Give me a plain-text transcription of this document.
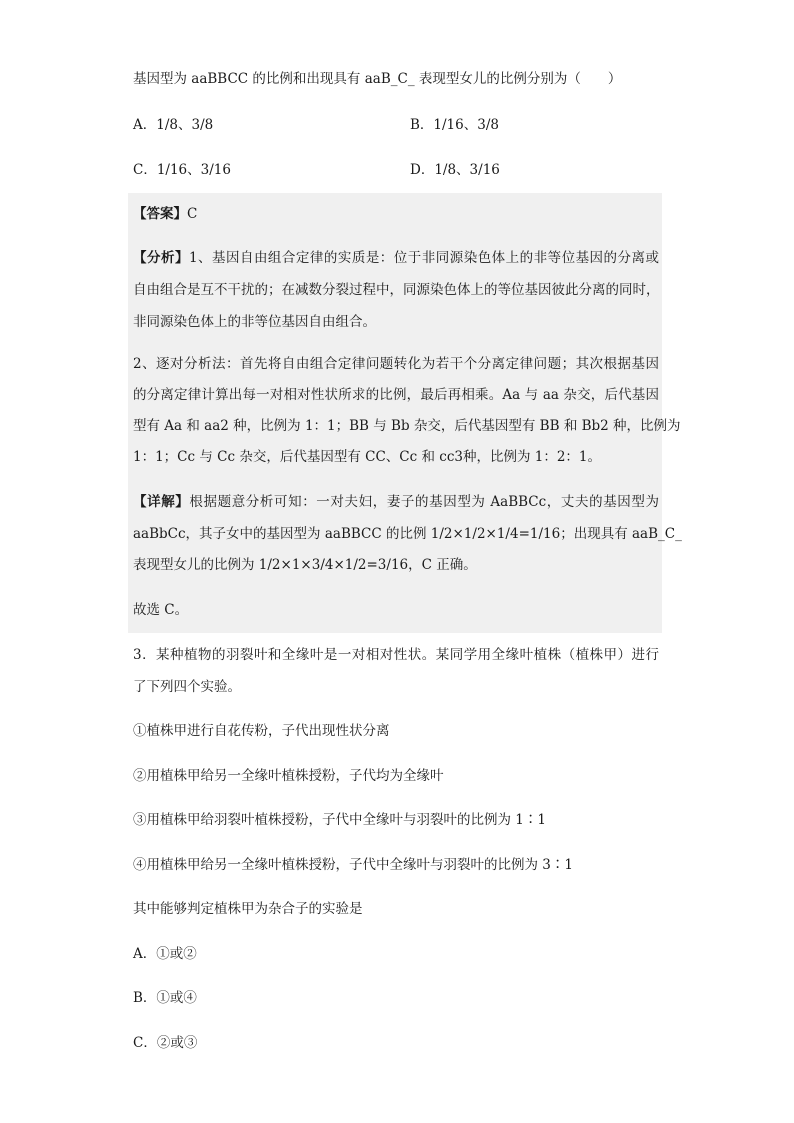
基因型为 aaBBCC 的比例和出现具有 aaB_C_ 表现型女儿的比例分别为（　　）
A．1/8、3/8	B．1/16、3/8
C．1/16、3/16	D．1/8、3/16
【答案】C
【分析】1、基因自由组合定律的实质是：位于非同源染色体上的非等位基因的分离或
自由组合是互不干扰的；在减数分裂过程中，同源染色体上的等位基因彼此分离的同时，
非同源染色体上的非等位基因自由组合。
2、逐对分析法：首先将自由组合定律问题转化为若干个分离定律问题；其次根据基因
的分离定律计算出每一对相对性状所求的比例，最后再相乘。Aa 与 aa 杂交，后代基因
型有 Aa 和 aa2 种，比例为 1：1；BB 与 Bb 杂交，后代基因型有 BB 和 Bb2 种，比例为
1：1；Cc 与 Cc 杂交，后代基因型有 CC、Cc 和 cc3种，比例为 1：2：1。
【详解】根据题意分析可知：一对夫妇，妻子的基因型为 AaBBCc，丈夫的基因型为
aaBbCc，其子女中的基因型为 aaBBCC 的比例 1/2×1/2×1/4=1/16；出现具有 aaB_C_
表现型女儿的比例为 1/2×1×3/4×1/2=3/16，C 正确。
故选 C。
3．某种植物的羽裂叶和全缘叶是一对相对性状。某同学用全缘叶植株（植株甲）进行
了下列四个实验。
①植株甲进行自花传粉，子代出现性状分离
②用植株甲给另一全缘叶植株授粉，子代均为全缘叶
③用植株甲给羽裂叶植株授粉，子代中全缘叶与羽裂叶的比例为 1∶1
④用植株甲给另一全缘叶植株授粉，子代中全缘叶与羽裂叶的比例为 3∶1
其中能够判定植株甲为杂合子的实验是
A．①或②
B．①或④
C．②或③
